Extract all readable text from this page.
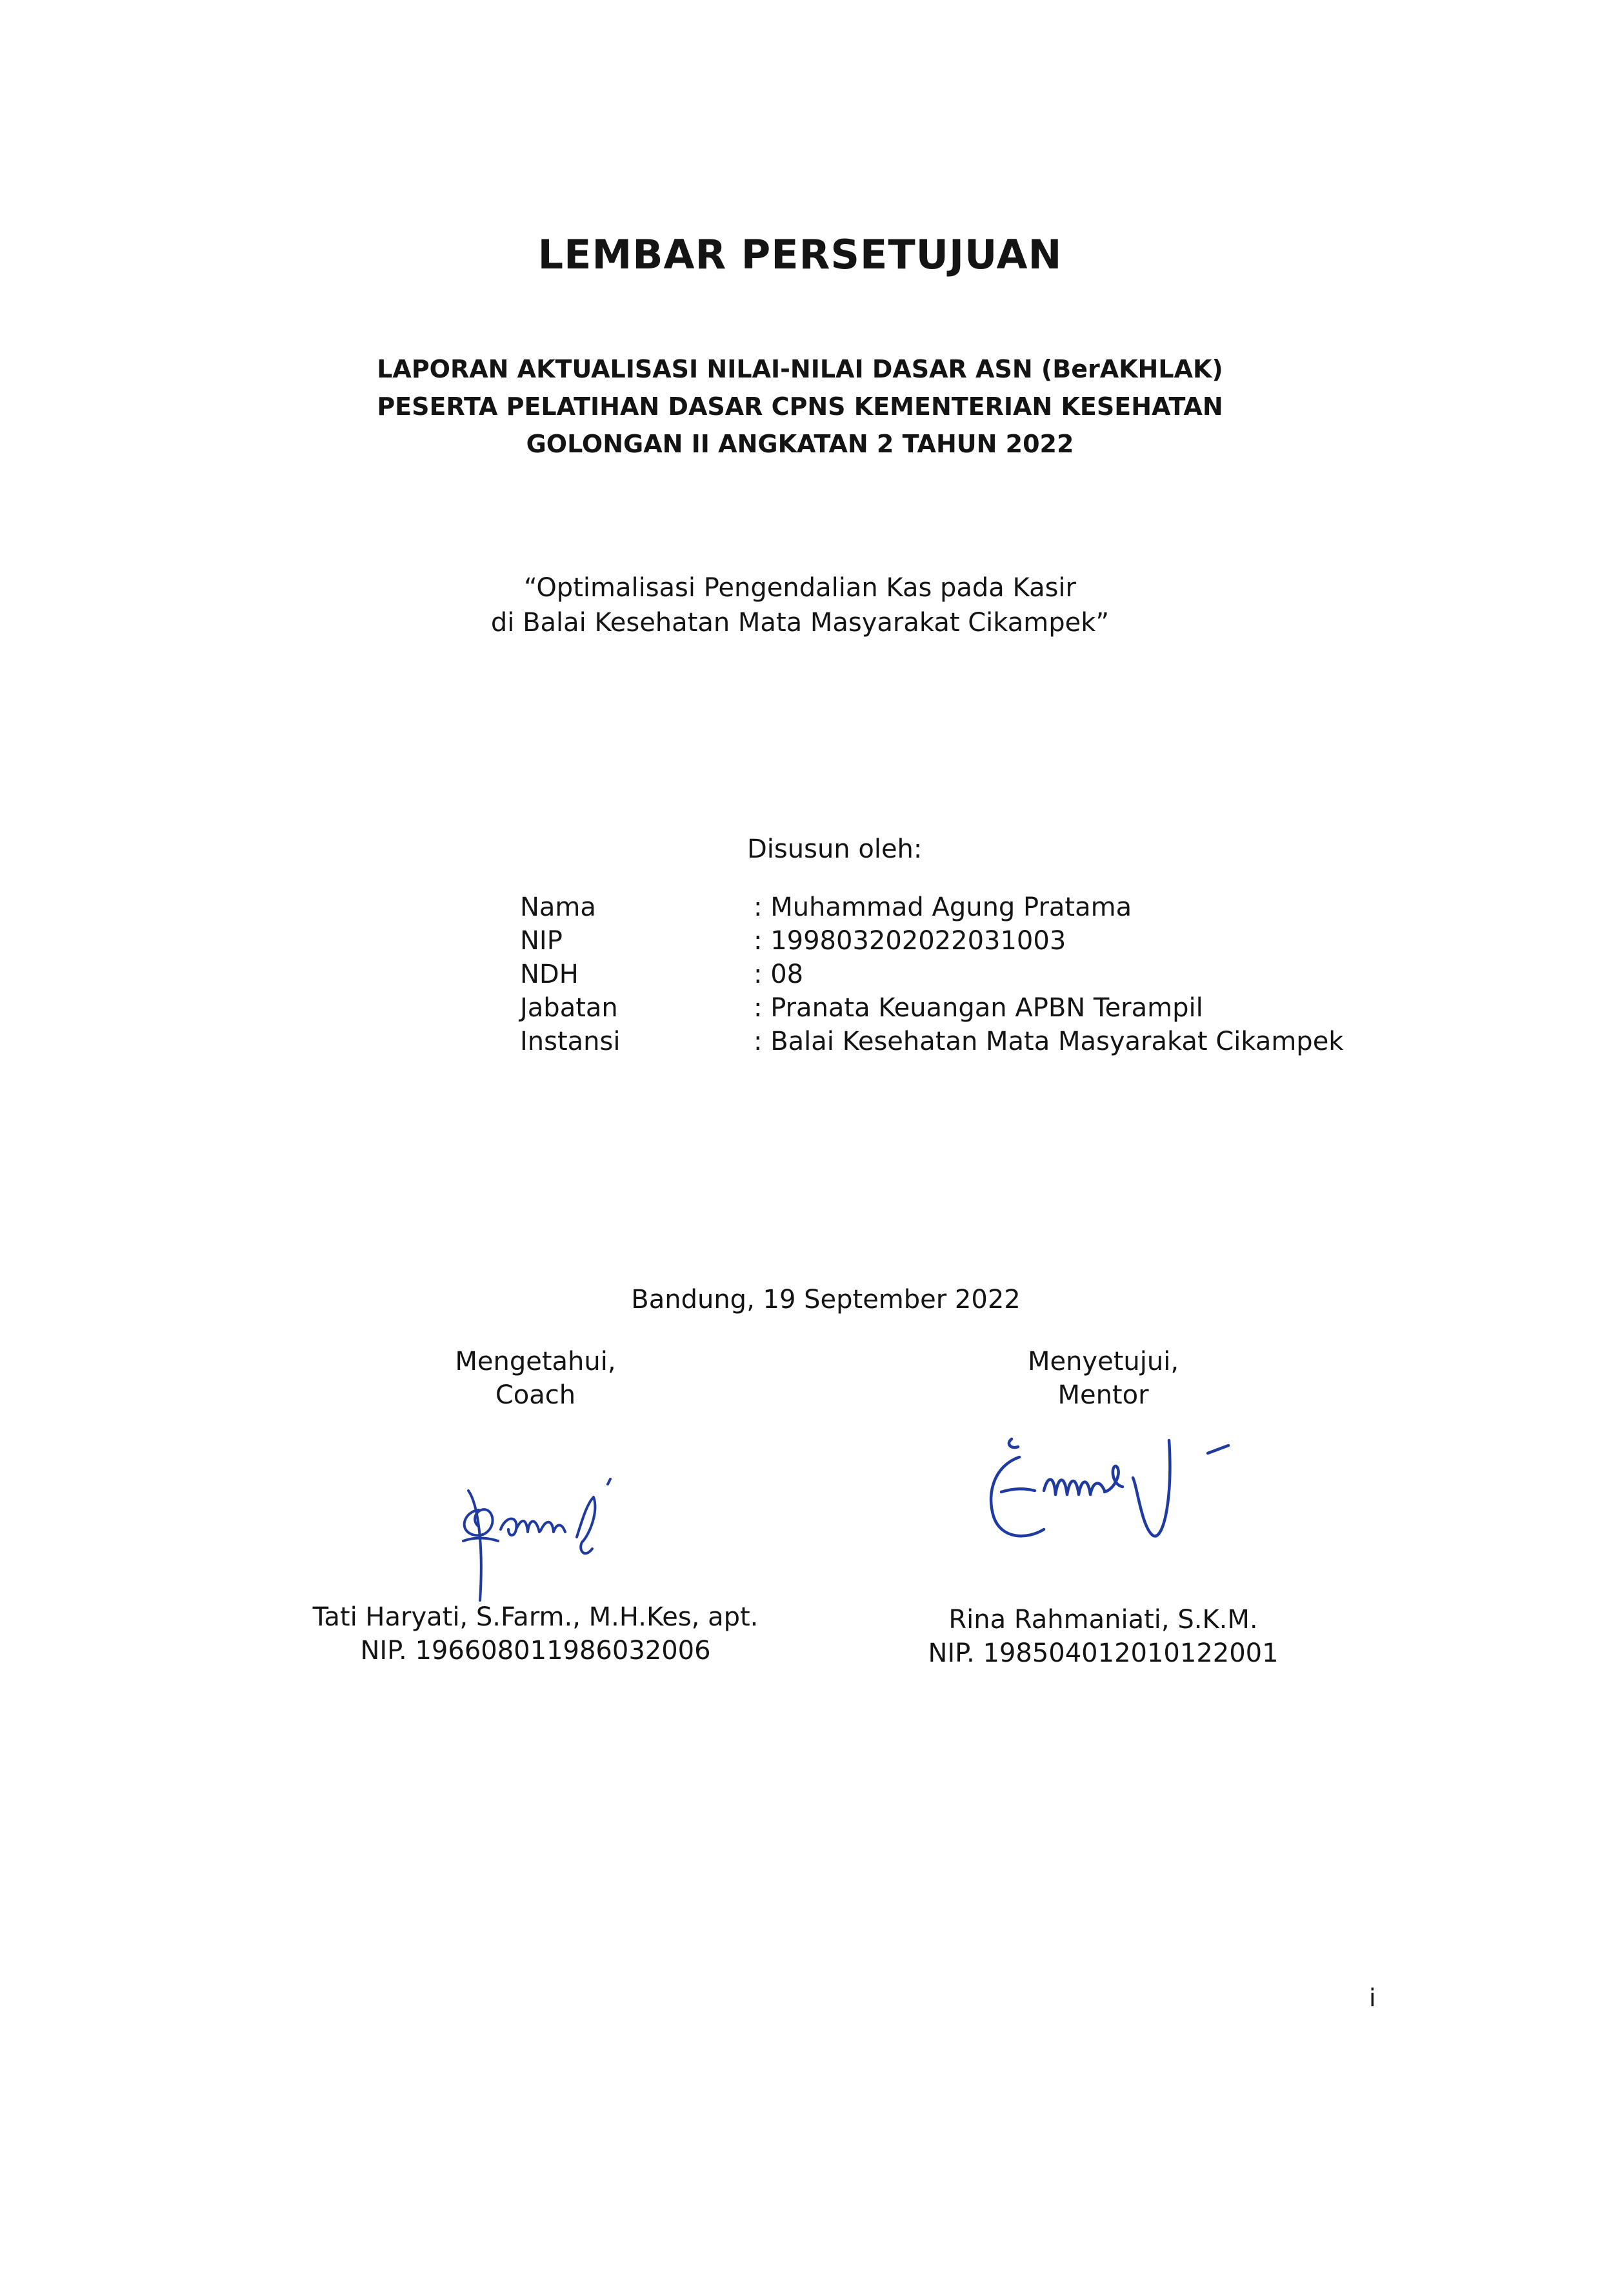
LEMBAR PERSETUJUAN
LAPORAN AKTUALISASI NILAI-NILAI DASAR ASN (BerAKHLAK)
PESERTA PELATIHAN DASAR CPNS KEMENTERIAN KESEHATAN
GOLONGAN II ANGKATAN 2 TAHUN 2022
“Optimalisasi Pengendalian Kas pada Kasir
di Balai Kesehatan Mata Masyarakat Cikampek”
Disusun oleh:
Nama	: Muhammad Agung Pratama
NIP	: 199803202022031003
NDH	: 08
Jabatan	: Pranata Keuangan APBN Terampil
Instansi	: Balai Kesehatan Mata Masyarakat Cikampek
Bandung, 19 September 2022
Mengetahui,
Coach
Tati Haryati, S.Farm., M.H.Kes, apt.
NIP. 196608011986032006
Menyetujui,
Mentor
Rina Rahmaniati, S.K.M.
NIP. 198504012010122001
i
